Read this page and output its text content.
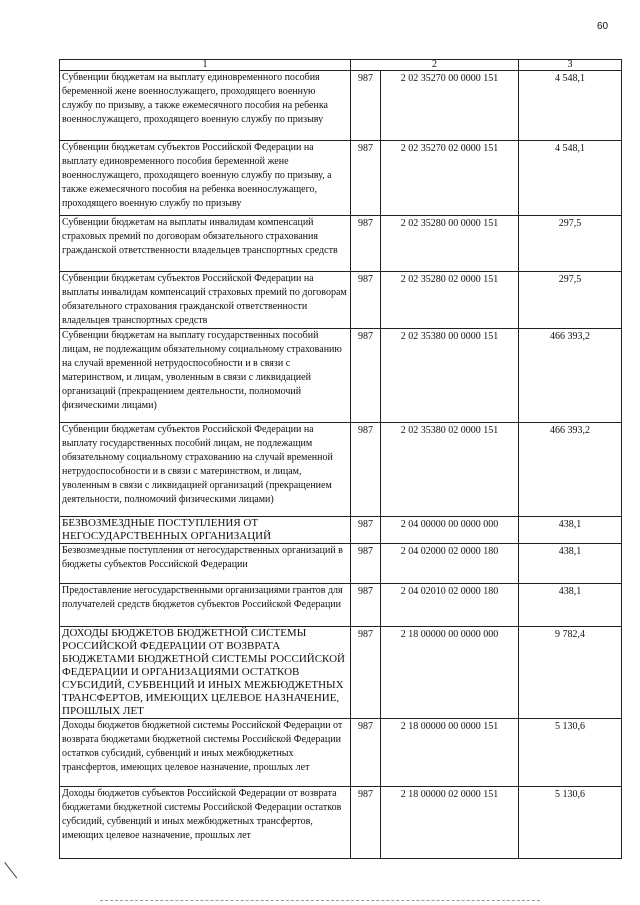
60
1	2		3
Субвенции бюджетам на выплату единовременного пособия беременной жене военнослужащего, проходящего военную службу по призыву, а также ежемесячного пособия на ребенка военнослужащего, проходящего военную службу по призыву	987	2 02 35270 00 0000 151	4 548,1
Субвенции бюджетам субъектов Российской Федерации на выплату единовременного пособия беременной жене военнослужащего, проходящего военную службу по призыву, а также ежемесячного пособия на ребенка военнослужащего, проходящего военную службу по призыву	987	2 02 35270 02 0000 151	4 548,1
Субвенции бюджетам на выплаты инвалидам компенсаций страховых премий по договорам обязательного страхования гражданской ответственности владельцев транспортных средств	987	2 02 35280 00 0000 151	297,5
Субвенции бюджетам субъектов Российской Федерации на выплаты инвалидам компенсаций страховых премий по договорам обязательного страхования гражданской ответственности владельцев транспортных средств	987	2 02 35280 02 0000 151	297,5
Субвенции бюджетам на выплату государственных пособий лицам, не подлежащим обязательному социальному страхованию на случай временной нетрудоспособности и в связи с материнством, и лицам, уволенным в связи с ликвидацией организаций (прекращением деятельности, полномочий физическими лицами)	987	2 02 35380 00 0000 151	466 393,2
Субвенции бюджетам субъектов Российской Федерации на выплату государственных пособий лицам, не подлежащим обязательному социальному страхованию на случай временной нетрудоспособности и в связи с материнством, и лицам, уволенным в связи с ликвидацией организаций (прекращением деятельности, полномочий физическими лицами)	987	2 02 35380 02 0000 151	466 393,2
БЕЗВОЗМЕЗДНЫЕ ПОСТУПЛЕНИЯ ОТ НЕГОСУДАРСТВЕННЫХ ОРГАНИЗАЦИЙ	987	2 04 00000 00 0000 000	438,1
Безвозмездные поступления от негосударственных организаций в бюджеты субъектов Российской Федерации	987	2 04 02000 02 0000 180	438,1
Предоставление негосударственными организациями грантов для получателей средств бюджетов субъектов Российской Федерации	987	2 04 02010 02 0000 180	438,1
ДОХОДЫ БЮДЖЕТОВ БЮДЖЕТНОЙ СИСТЕМЫ РОССИЙСКОЙ ФЕДЕРАЦИИ ОТ ВОЗВРАТА БЮДЖЕТАМИ БЮДЖЕТНОЙ СИСТЕМЫ РОССИЙСКОЙ ФЕДЕРАЦИИ И ОРГАНИЗАЦИЯМИ ОСТАТКОВ СУБСИДИЙ, СУБВЕНЦИЙ И ИНЫХ МЕЖБЮДЖЕТНЫХ ТРАНСФЕРТОВ, ИМЕЮЩИХ ЦЕЛЕВОЕ НАЗНАЧЕНИЕ, ПРОШЛЫХ ЛЕТ	987	2 18 00000 00 0000 000	9 782,4
Доходы бюджетов бюджетной системы Российской Федерации от возврата бюджетами бюджетной системы Российской Федерации остатков субсидий, субвенций и иных межбюджетных трансфертов, имеющих целевое назначение, прошлых лет	987	2 18 00000 00 0000 151	5 130,6
Доходы бюджетов субъектов Российской Федерации от возврата бюджетами бюджетной системы Российской Федерации остатков субсидий, субвенций и иных межбюджетных трансфертов, имеющих целевое назначение, прошлых лет	987	2 18 00000 02 0000 151	5 130,6
